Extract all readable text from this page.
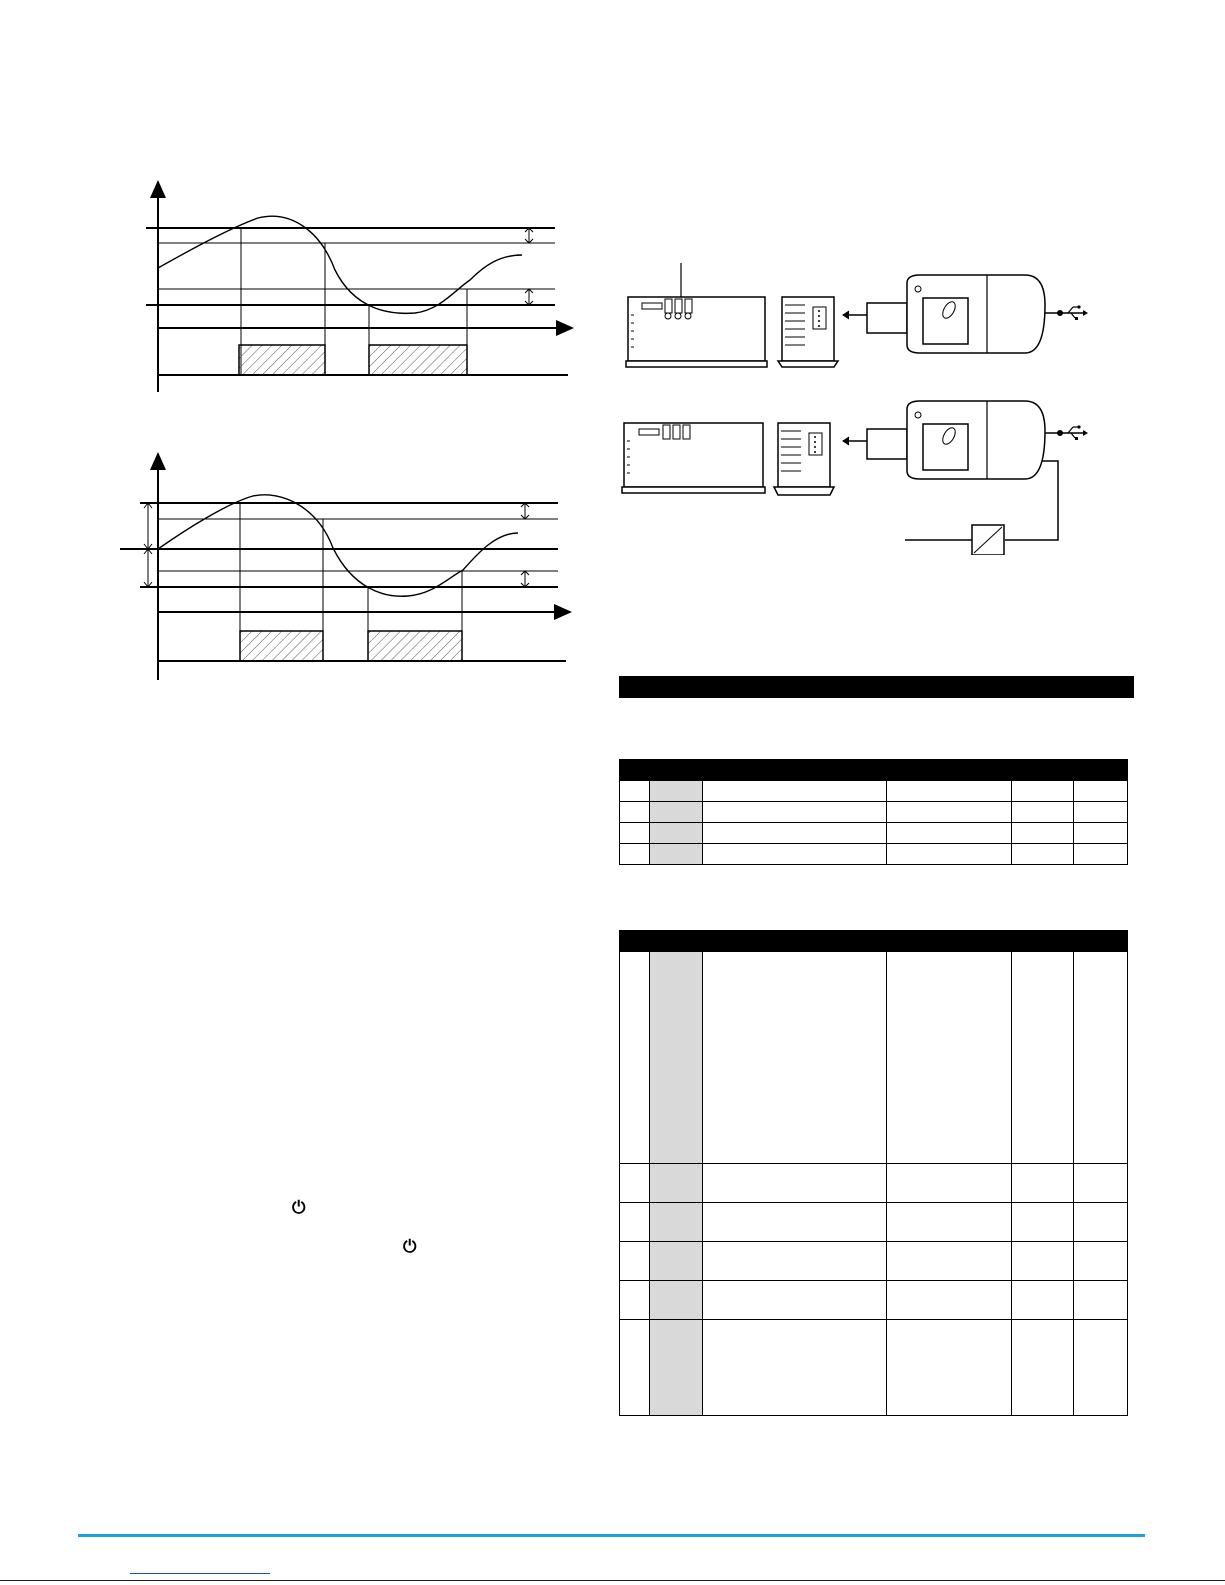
⏻
⏻
